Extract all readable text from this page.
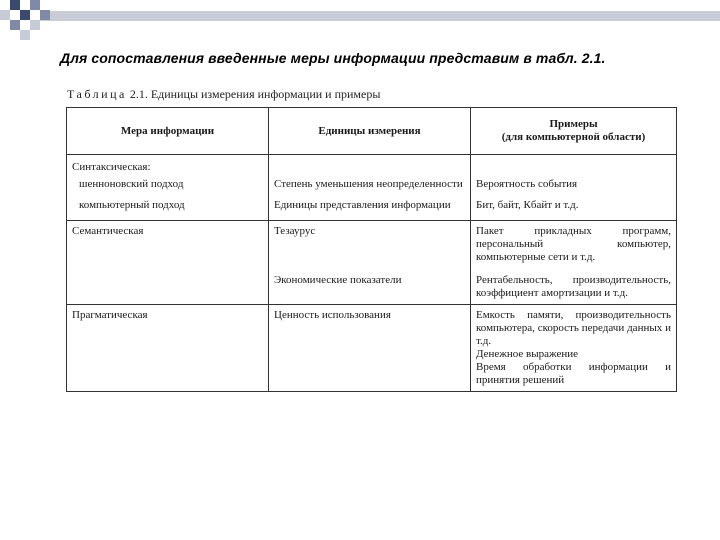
Для сопоставления введенные меры информации представим в табл. 2.1.
Таблица 2.1. Единицы измерения информации и примеры
Мера информации	Единицы измерения	Примеры
(для компьютерной области)
Синтаксическая:		
шенноновский подход	Степень уменьшения неопределенности	Вероятность события
компьютерный подход	Единицы представления информации	Бит, байт, Кбайт и т.д.
Семантическая	Тезаурус	Пакет прикладных программ, персональный компьютер, компьютерные сети и т.д.
	Экономические показатели	Рентабельность, производительность, коэффициент амортизации и т.д.
Прагматическая	Ценность использования	Емкость памяти, производительность компьютера, скорость передачи данных и т.д.
Денежное выражение
Время обработки информации и принятия решений
